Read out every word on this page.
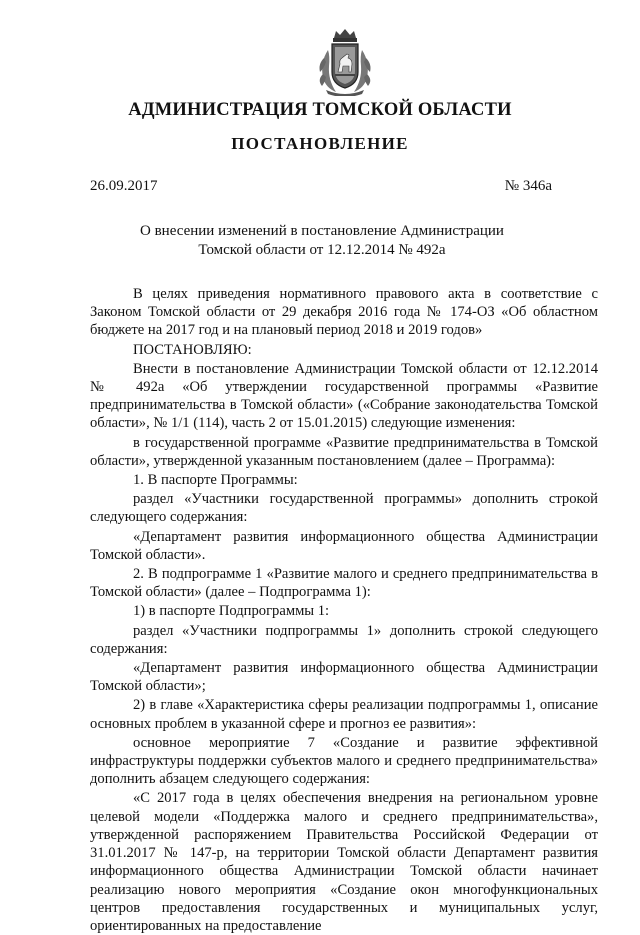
АДМИНИСТРАЦИЯ ТОМСКОЙ ОБЛАСТИ
ПОСТАНОВЛЕНИЕ
26.09.2017	№ 346а
О внесении изменений в постановление Администрации
Томской области от 12.12.2014 № 492а

В целях приведения нормативного правового акта в соответствие с Законом Томской области от 29 декабря 2016 года № 174-ОЗ «Об областном бюджете на 2017 год и на плановый период 2018 и 2019 годов»

ПОСТАНОВЛЯЮ:

Внести в постановление Администрации Томской области от 12.12.2014 № 492а «Об утверждении государственной программы «Развитие предпринимательства в Томской области» («Собрание законодательства Томской области», № 1/1 (114), часть 2 от 15.01.2015) следующие изменения:

в государственной программе «Развитие предпринимательства в Томской области», утвержденной указанным постановлением (далее – Программа):

1. В паспорте Программы:

раздел «Участники государственной программы» дополнить строкой следующего содержания:

«Департамент развития информационного общества Администрации Томской области».

2. В подпрограмме 1 «Развитие малого и среднего предпринимательства в Томской области» (далее – Подпрограмма 1):

1) в паспорте Подпрограммы 1:

раздел «Участники подпрограммы 1» дополнить строкой следующего содержания:

«Департамент развития информационного общества Администрации Томской области»;

2) в главе «Характеристика сферы реализации подпрограммы 1, описание основных проблем в указанной сфере и прогноз ее развития»:

основное мероприятие 7 «Создание и развитие эффективной инфраструктуры поддержки субъектов малого и среднего предпринимательства» дополнить абзацем следующего содержания:

«С 2017 года в целях обеспечения внедрения на региональном уровне целевой модели «Поддержка малого и среднего предпринимательства», утвержденной распоряжением Правительства Российской Федерации от 31.01.2017 № 147-р, на территории Томской области Департамент развития информационного общества Администрации Томской области начинает реализацию нового мероприятия «Создание окон многофункциональных центров предоставления государственных и муниципальных услуг, ориентированных на предоставление
